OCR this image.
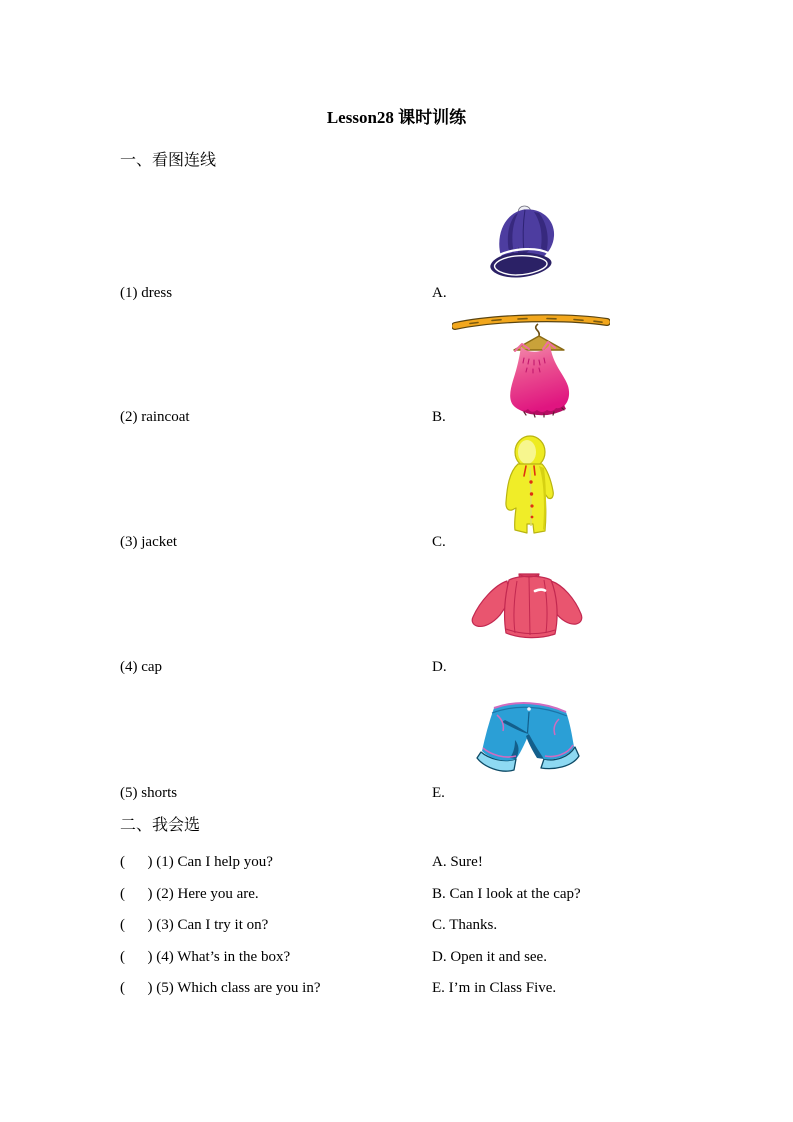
Lesson28 课时训练
一、看图连线
(1) dress	A.
(2) raincoat	B.
(3) jacket	C.
(4) cap	D.
(5) shorts	E.
二、我会选
(      ) (1) Can I help you?	A. Sure!
(      ) (2) Here you are.	B. Can I look at the cap?
(      ) (3) Can I try it on?	C. Thanks.
(      ) (4) What’s in the box?	D. Open it and see.
(      ) (5) Which class are you in?	E. I’m in Class Five.
